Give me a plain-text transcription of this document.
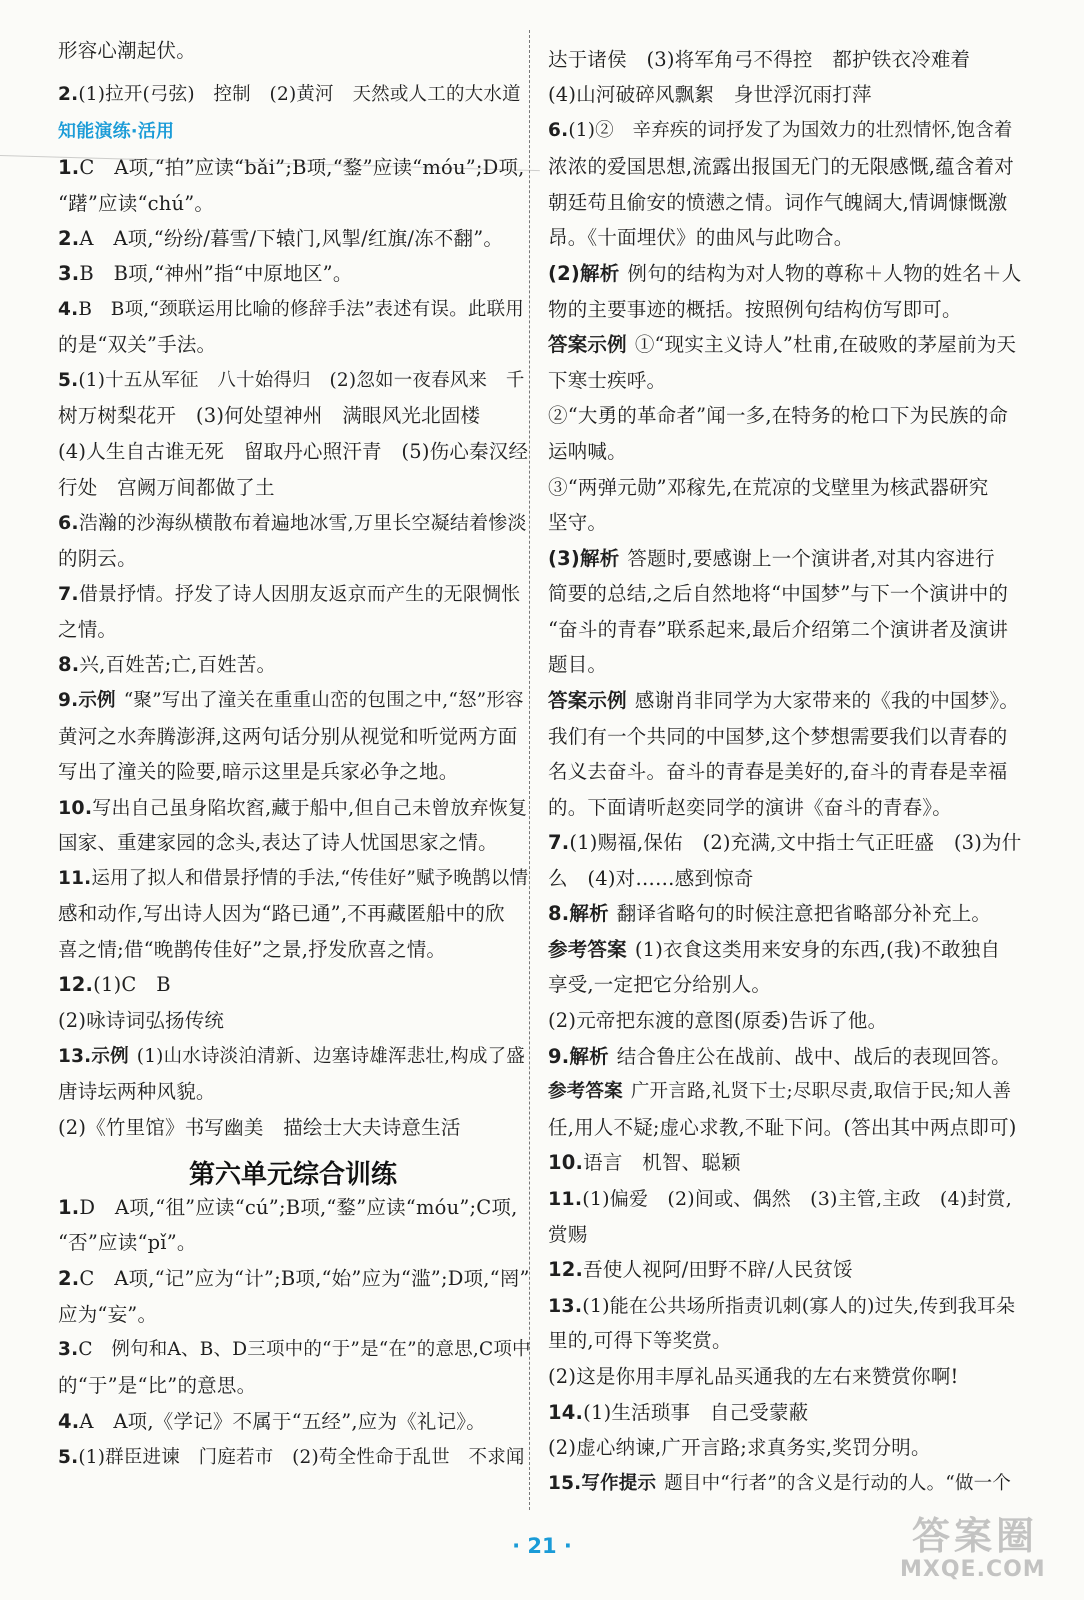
形容心潮起伏。
2.(1)拉开(弓弦)　控制　(2)黄河　天然或人工的大水道
知能演练·活用
1.C　A项,“拍”应读“bǎi”;B项,“鍪”应读“móu”;D项,
“躇”应读“chú”。
2.A　A项,“纷纷/暮雪/下辕门,风掣/红旗/冻不翻”。
3.B　B项,“神州”指“中原地区”。
4.B　B项,“颈联运用比喻的修辞手法”表述有误。此联用
的是“双关”手法。
5.(1)十五从军征　八十始得归　(2)忽如一夜春风来　千
树万树梨花开　(3)何处望神州　满眼风光北固楼
(4)人生自古谁无死　留取丹心照汗青　(5)伤心秦汉经
行处　宫阙万间都做了土
6.浩瀚的沙海纵横散布着遍地冰雪,万里长空凝结着惨淡
的阴云。
7.借景抒情。抒发了诗人因朋友返京而产生的无限惆怅
之情。
8.兴,百姓苦;亡,百姓苦。
9.示例 “聚”写出了潼关在重重山峦的包围之中,“怒”形容
黄河之水奔腾澎湃,这两句话分别从视觉和听觉两方面
写出了潼关的险要,暗示这里是兵家必争之地。
10.写出自己虽身陷坎窞,藏于船中,但自己未曾放弃恢复
国家、重建家园的念头,表达了诗人忧国思家之情。
11.运用了拟人和借景抒情的手法,“传佳好”赋予晚鹊以情
感和动作,写出诗人因为“路已通”,不再藏匿船中的欣
喜之情;借“晚鹊传佳好”之景,抒发欣喜之情。
12.(1)C　B
(2)咏诗词弘扬传统
13.示例 (1)山水诗淡泊清新、边塞诗雄浑悲壮,构成了盛
唐诗坛两种风貌。
(2)《竹里馆》书写幽美　描绘士大夫诗意生活
第六单元综合训练
1.D　A项,“徂”应读“cú”;B项,“鍪”应读“móu”;C项,
“否”应读“pǐ”。
2.C　A项,“记”应为“计”;B项,“始”应为“滥”;D项,“罔”
应为“妄”。
3.C　例句和A、B、D三项中的“于”是“在”的意思,C项中
的“于”是“比”的意思。
4.A　A项,《学记》不属于“五经”,应为《礼记》。
5.(1)群臣进谏　门庭若市　(2)苟全性命于乱世　不求闻
达于诸侯　(3)将军角弓不得控　都护铁衣冷难着
(4)山河破碎风飘絮　身世浮沉雨打萍
6.(1)②　辛弃疾的词抒发了为国效力的壮烈情怀,饱含着
浓浓的爱国思想,流露出报国无门的无限感慨,蕴含着对
朝廷苟且偷安的愤懑之情。词作气魄阔大,情调慷慨激
昂。《十面埋伏》的曲风与此吻合。
(2)解析 例句的结构为对人物的尊称＋人物的姓名＋人
物的主要事迹的概括。按照例句结构仿写即可。
答案示例 ①“现实主义诗人”杜甫,在破败的茅屋前为天
下寒士疾呼。
②“大勇的革命者”闻一多,在特务的枪口下为民族的命
运呐喊。
③“两弹元勋”邓稼先,在荒凉的戈壁里为核武器研究
坚守。
(3)解析 答题时,要感谢上一个演讲者,对其内容进行
简要的总结,之后自然地将“中国梦”与下一个演讲中的
“奋斗的青春”联系起来,最后介绍第二个演讲者及演讲
题目。
答案示例 感谢肖非同学为大家带来的《我的中国梦》。
我们有一个共同的中国梦,这个梦想需要我们以青春的
名义去奋斗。奋斗的青春是美好的,奋斗的青春是幸福
的。下面请听赵奕同学的演讲《奋斗的青春》。
7.(1)赐福,保佑　(2)充满,文中指士气正旺盛　(3)为什
么　(4)对……感到惊奇
8.解析 翻译省略句的时候注意把省略部分补充上。
参考答案 (1)衣食这类用来安身的东西,(我)不敢独自
享受,一定把它分给别人。
(2)元帝把东渡的意图(原委)告诉了他。
9.解析 结合鲁庄公在战前、战中、战后的表现回答。
参考答案 广开言路,礼贤下士;尽职尽责,取信于民;知人善
任,用人不疑;虚心求教,不耻下问。(答出其中两点即可)
10.语言　机智、聪颖
11.(1)偏爱　(2)间或、偶然　(3)主管,主政　(4)封赏,
赏赐
12.吾使人视阿/田野不辟/人民贫馁
13.(1)能在公共场所指责讥刺(寡人的)过失,传到我耳朵
里的,可得下等奖赏。
(2)这是你用丰厚礼品买通我的左右来赞赏你啊!
14.(1)生活琐事　自己受蒙蔽
(2)虚心纳谏,广开言路;求真务实,奖罚分明。
15.写作提示 题目中“行者”的含义是行动的人。“做一个
· 21 ·	答案圈
MXQE.COM
